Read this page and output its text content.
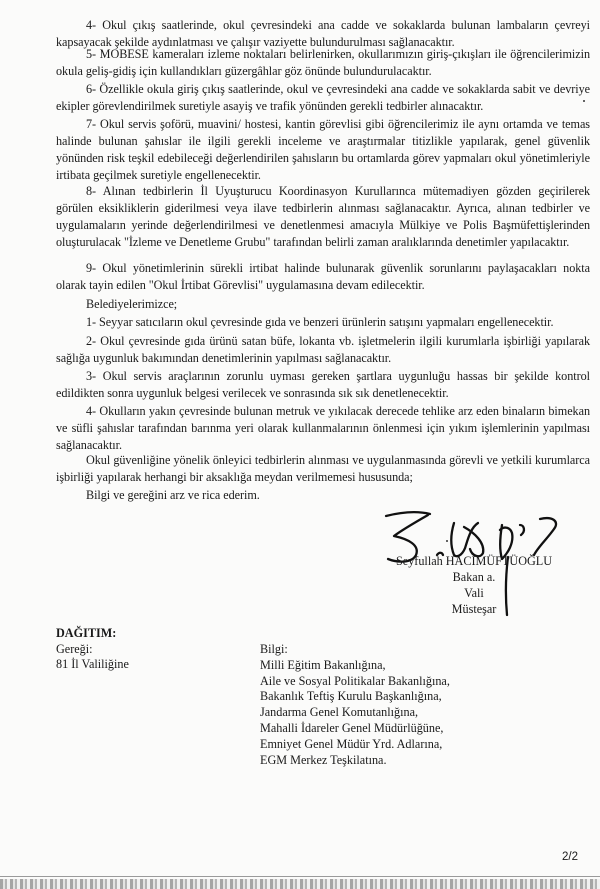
4- Okul çıkış saatlerinde, okul çevresindeki ana cadde ve sokaklarda bulunan lambaların çevreyi kapsayacak şekilde aydınlatması ve çalışır vaziyette bulundurulması sağlanacaktır.

5- MOBESE kameraları izleme noktaları belirlenirken, okullarımızın giriş-çıkışları ile öğrencilerimizin okula geliş-gidiş için kullandıkları güzergâhlar göz önünde bulundurulacaktır.

6- Özellikle okula giriş çıkış saatlerinde, okul ve çevresindeki ana cadde ve sokaklarda sabit ve devriye ekipler görevlendirilmek suretiyle asayiş ve trafik yönünden gerekli tedbirler alınacaktır.

7- Okul servis şoförü, muavini/ hostesi, kantin görevlisi gibi öğrencilerimiz ile aynı ortamda ve temas halinde bulunan şahıslar ile ilgili gerekli inceleme ve araştırmalar titizlikle yapılarak, genel güvenlik yönünden risk teşkil edebileceği değerlendirilen şahısların bu ortamlarda görev yapmaları okul yönetimleriyle irtibata geçilmek suretiyle engellenecektir.

8- Alınan tedbirlerin İl Uyuşturucu Koordinasyon Kurullarınca mütemadiyen gözden geçirilerek görülen eksikliklerin giderilmesi veya ilave tedbirlerin alınması sağlanacaktır. Ayrıca, alınan tedbirler ve uygulamaların yerinde değerlendirilmesi ve denetlenmesi amacıyla Mülkiye ve Polis Başmüfettişlerinden oluşturulacak "İzleme ve Denetleme Grubu" tarafından belirli zaman aralıklarında denetimler yapılacaktır.

9- Okul yönetimlerinin sürekli irtibat halinde bulunarak güvenlik sorunlarını paylaşacakları nokta olarak tayin edilen "Okul İrtibat Görevlisi" uygulamasına devam edilecektir.

Belediyelerimizce;

1- Seyyar satıcıların okul çevresinde gıda ve benzeri ürünlerin satışını yapmaları engellenecektir.

2- Okul çevresinde gıda ürünü satan büfe, lokanta vb. işletmelerin ilgili kurumlarla işbirliği yapılarak sağlığa uygunluk bakımından denetimlerinin yapılması sağlanacaktır.

3- Okul servis araçlarının zorunlu uyması gereken şartlara uygunluğu hassas bir şekilde kontrol edildikten sonra uygunluk belgesi verilecek ve sonrasında sık sık denetlenecektir.

4- Okulların yakın çevresinde bulunan metruk ve yıkılacak derecede tehlike arz eden binaların bimekan ve süfli şahıslar tarafından barınma yeri olarak kullanmalarının önlenmesi için yıkım işlemlerinin yapılması sağlanacaktır.

Okul güvenliğine yönelik önleyici tedbirlerin alınması ve uygulanmasında görevli ve yetkili kurumlarca işbirliği yapılarak herhangi bir aksaklığa meydan verilmemesi hususunda;

Bilgi ve gereğini arz ve rica ederim.

Seyfullah HACIMÜFTÜOĞLU
Bakan a.
Vali
Müsteşar
DAĞITIM:
Gereği:
81 İl Valiliğine
Bilgi:
Milli Eğitim Bakanlığına,
Aile ve Sosyal Politikalar Bakanlığına,
Bakanlık Teftiş Kurulu Başkanlığına,
Jandarma Genel Komutanlığına,
Mahalli İdareler Genel Müdürlüğüne,
Emniyet Genel Müdür Yrd. Adlarına,
EGM Merkez Teşkilatına.
2/2
